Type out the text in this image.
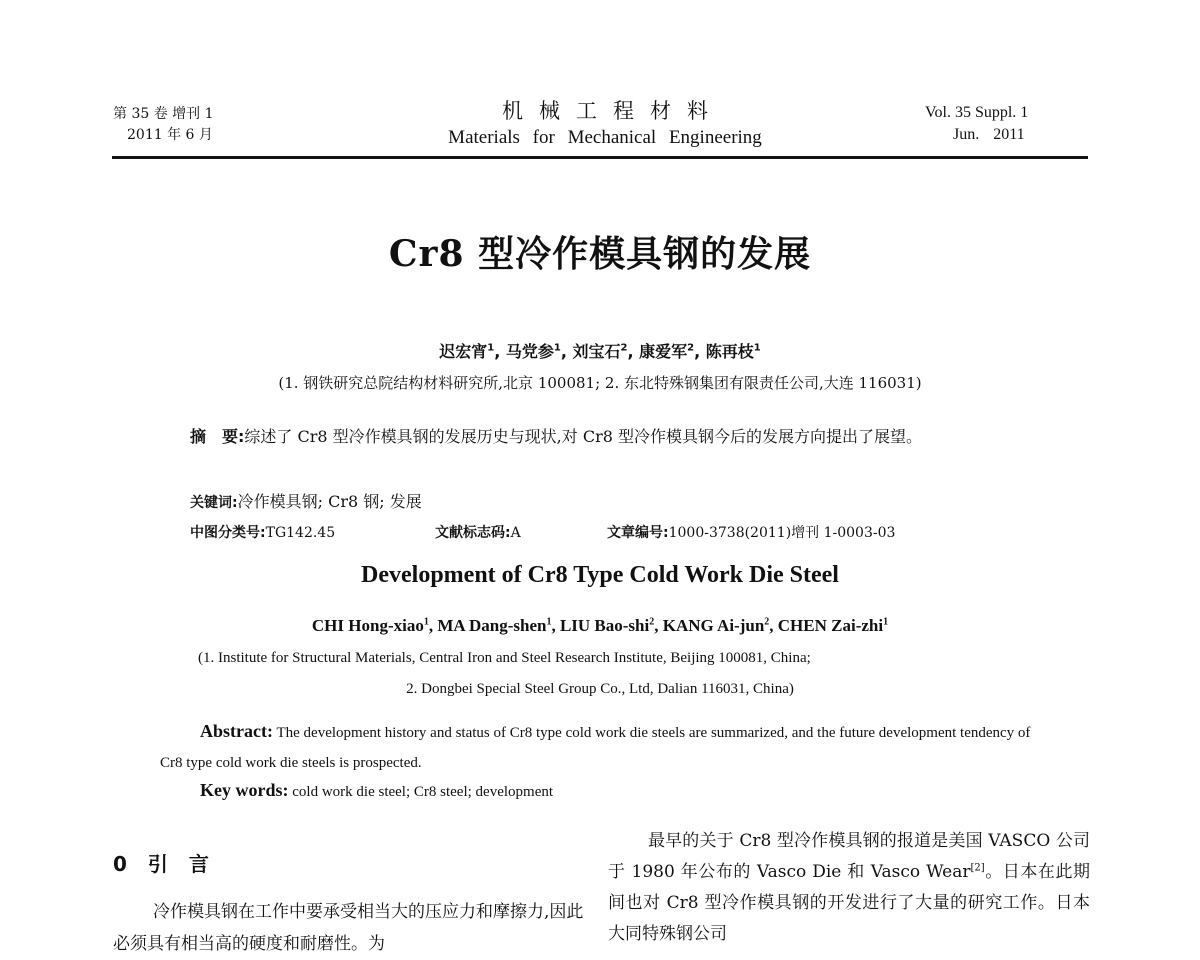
第 35 卷 增刊 1
2011 年 6 月
机械工程材料
Materials for Mechanical Engineering
Vol. 35 Suppl. 1
Jun. 2011
Cr8 型冷作模具钢的发展
迟宏宵$^1$, 马党参$^1$, 刘宝石$^2$, 康爱军$^2$, 陈再枝$^1$
(1. 钢铁研究总院结构材料研究所,北京 100081; 2. 东北特殊钢集团有限责任公司,大连 116031)
摘　要:综述了 Cr8 型冷作模具钢的发展历史与现状,对 Cr8 型冷作模具钢今后的发展方向提出了展望。
关键词:冷作模具钢; Cr8 钢; 发展
中图分类号:TG142.45	文献标志码:A	文章编号:1000-3738(2011)增刊 1-0003-03
Development of Cr8 Type Cold Work Die Steel
CHI Hong-xiao$^1$, MA Dang-shen$^1$, LIU Bao-shi$^2$, KANG Ai-jun$^2$, CHEN Zai-zhi$^1$
(1. Institute for Structural Materials, Central Iron and Steel Research Institute, Beijing 100081, China;
2. Dongbei Special Steel Group Co., Ltd, Dalian 116031, China)
Abstract: The development history and status of Cr8 type cold work die steels are summarized, and the future development tendency of Cr8 type cold work die steels is prospected.
Key words: cold work die steel; Cr8 steel; development
0 引 言
冷作模具钢在工作中要承受相当大的压应力和摩擦力,因此必须具有相当高的硬度和耐磨性。为
最早的关于 Cr8 型冷作模具钢的报道是美国 VASCO 公司于 1980 年公布的 Vasco Die 和 Vasco Wear[2]。日本在此期间也对 Cr8 型冷作模具钢的开发进行了大量的研究工作。日本大同特殊钢公司
